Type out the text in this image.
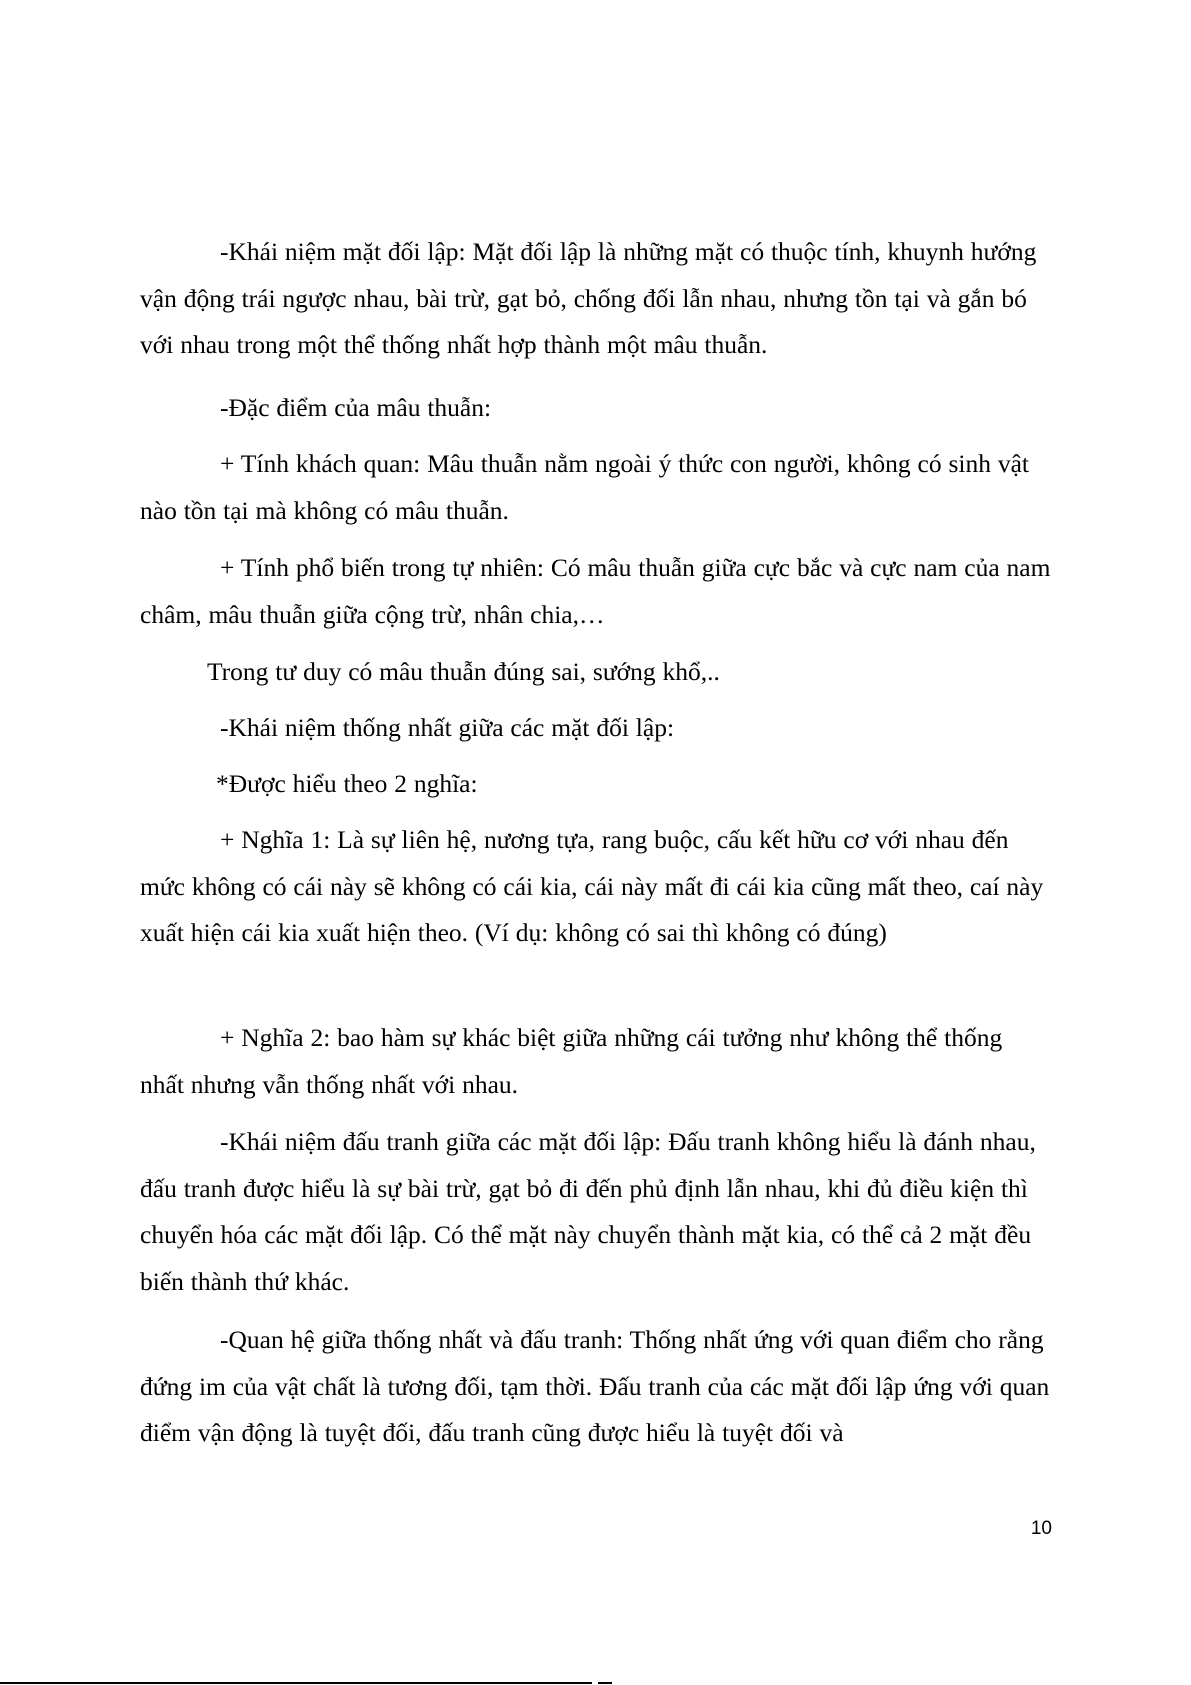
-Khái niệm mặt đối lập: Mặt đối lập là những mặt có thuộc tính, khuynh hướng vận động trái ngược nhau, bài trừ, gạt bỏ, chống đối lẫn nhau, nhưng tồn tại và gắn bó với nhau trong một thể thống nhất hợp thành một mâu thuẫn.

-Đặc điểm của mâu thuẫn:

+ Tính khách quan: Mâu thuẫn nằm ngoài ý thức con người, không có sinh vật nào tồn tại mà không có mâu thuẫn.

+ Tính phổ biến trong tự nhiên: Có mâu thuẫn giữa cực bắc và cực nam của nam châm, mâu thuẫn giữa cộng trừ, nhân chia,…

Trong tư duy có mâu thuẫn đúng sai, sướng khổ,..

-Khái niệm thống nhất giữa các mặt đối lập:

*Được hiểu theo 2 nghĩa:

+ Nghĩa 1: Là sự liên hệ, nương tựa, rang buộc, cấu kết hữu cơ với nhau đến mức không có cái này sẽ không có cái kia, cái này mất đi cái kia cũng mất theo, caí này xuất hiện cái kia xuất hiện theo. (Ví dụ: không có sai thì không có đúng)

+ Nghĩa 2: bao hàm sự khác biệt giữa những cái tưởng như không thể thống nhất nhưng vẫn thống nhất với nhau.

-Khái niệm đấu tranh giữa các mặt đối lập: Đấu tranh không hiểu là đánh nhau, đấu tranh được hiểu là sự bài trừ, gạt bỏ đi đến phủ định lẫn nhau, khi đủ điều kiện thì chuyển hóa các mặt đối lập. Có thể mặt này chuyển thành mặt kia, có thể cả 2 mặt đều biến thành thứ khác.

-Quan hệ giữa thống nhất và đấu tranh: Thống nhất ứng với quan điểm cho rằng đứng im của vật chất là tương đối, tạm thời. Đấu tranh của các mặt đối lập ứng với quan điểm vận động là tuyệt đối, đấu tranh cũng được hiểu là tuyệt đối và

10
